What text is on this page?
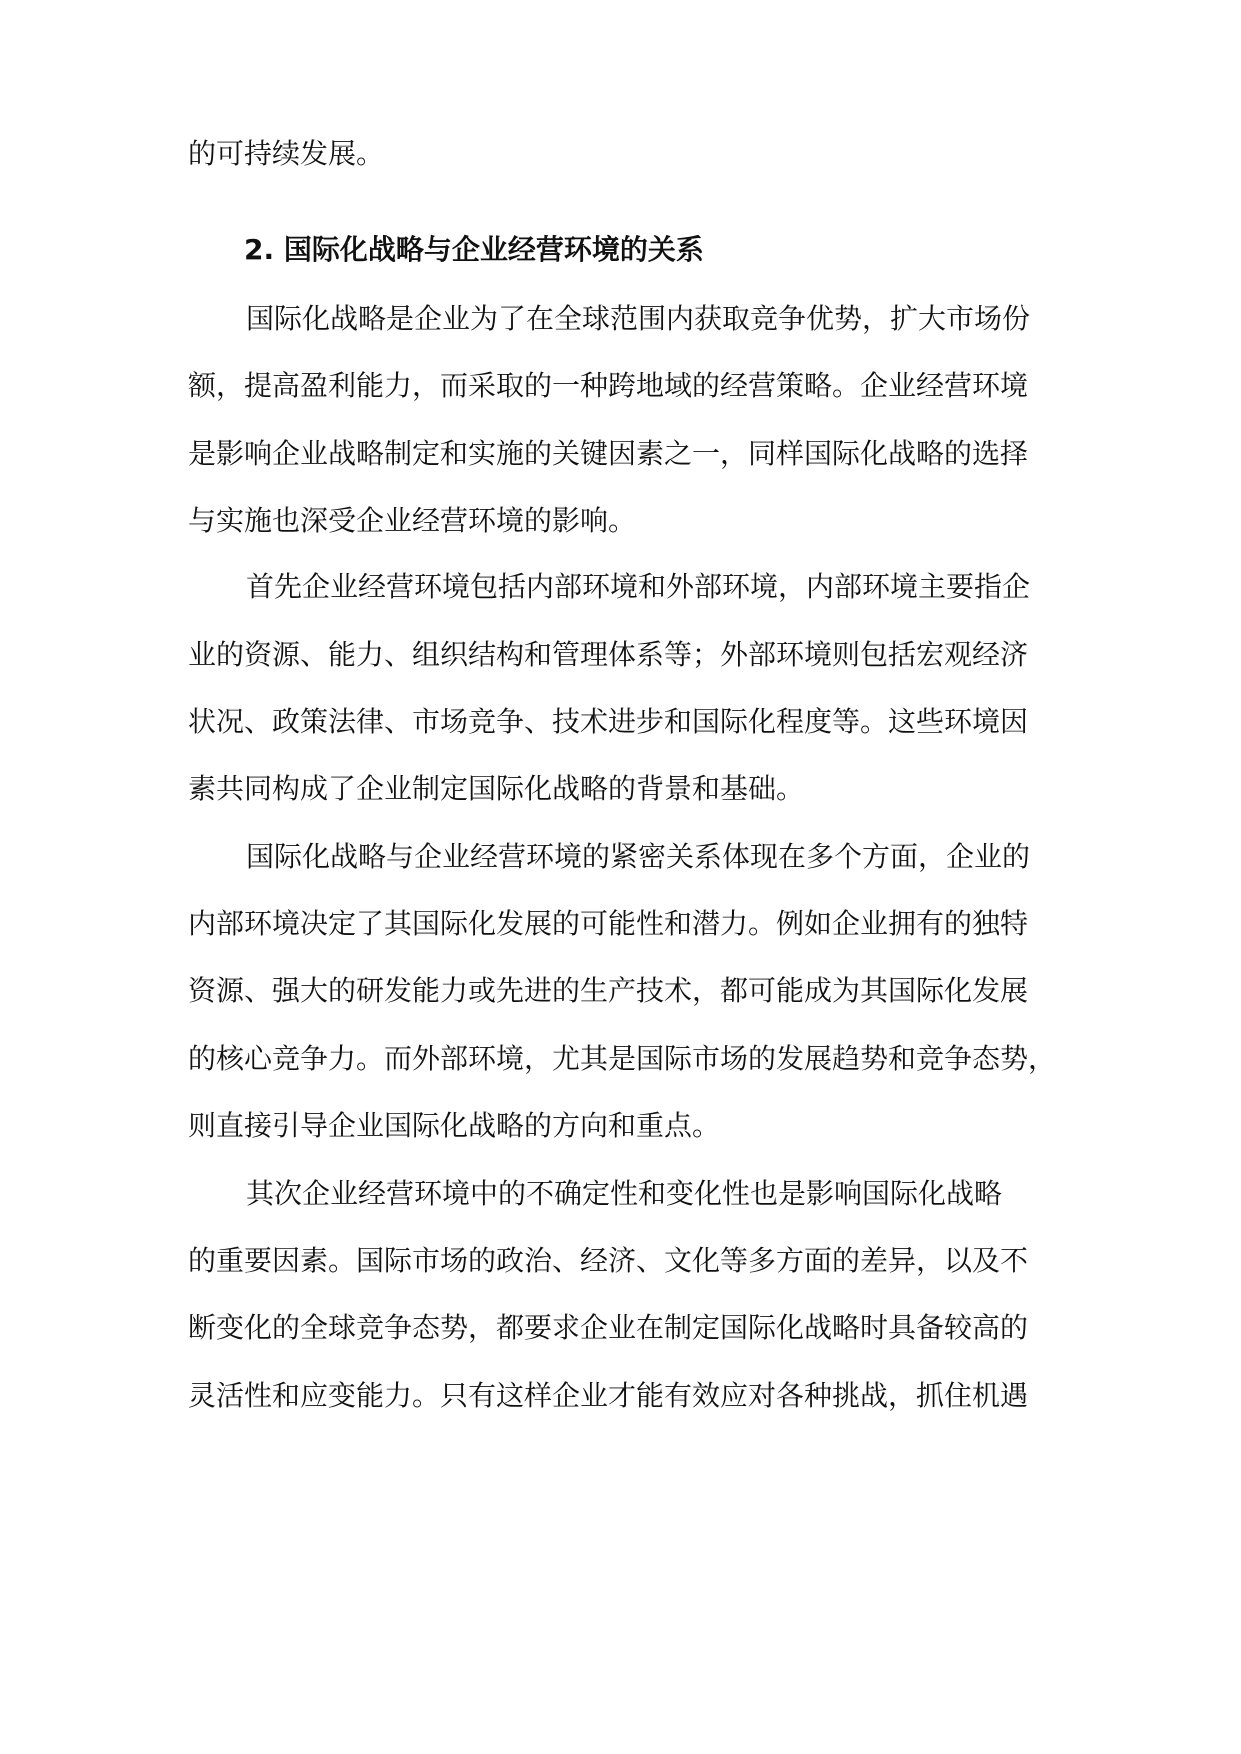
的可持续发展。
2. 国际化战略与企业经营环境的关系
国际化战略是企业为了在全球范围内获取竞争优势，扩大市场份
额，提高盈利能力，而采取的一种跨地域的经营策略。企业经营环境
是影响企业战略制定和实施的关键因素之一，同样国际化战略的选择
与实施也深受企业经营环境的影响。
首先企业经营环境包括内部环境和外部环境，内部环境主要指企
业的资源、能力、组织结构和管理体系等；外部环境则包括宏观经济
状况、政策法律、市场竞争、技术进步和国际化程度等。这些环境因
素共同构成了企业制定国际化战略的背景和基础。
国际化战略与企业经营环境的紧密关系体现在多个方面，企业的
内部环境决定了其国际化发展的可能性和潜力。例如企业拥有的独特
资源、强大的研发能力或先进的生产技术，都可能成为其国际化发展
的核心竞争力。而外部环境，尤其是国际市场的发展趋势和竞争态势，
则直接引导企业国际化战略的方向和重点。
其次企业经营环境中的不确定性和变化性也是影响国际化战略
的重要因素。国际市场的政治、经济、文化等多方面的差异，以及不
断变化的全球竞争态势，都要求企业在制定国际化战略时具备较高的
灵活性和应变能力。只有这样企业才能有效应对各种挑战，抓住机遇
